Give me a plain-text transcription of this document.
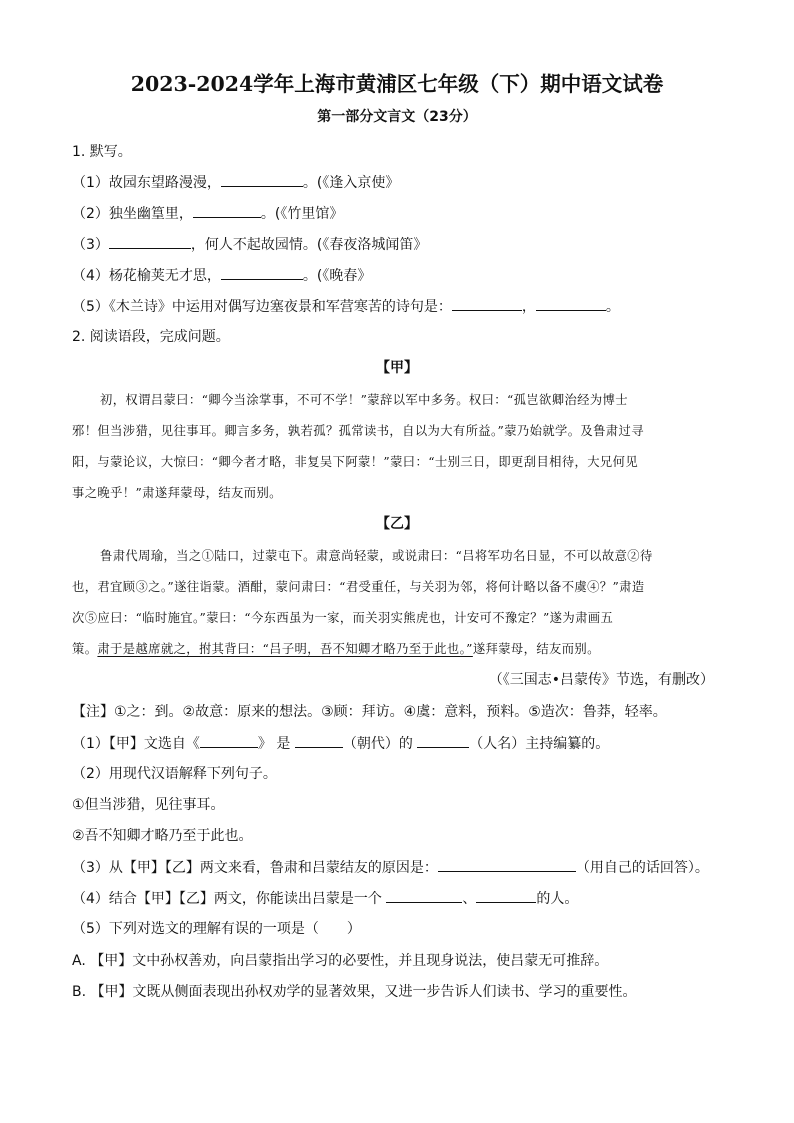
2023-2024学年上海市黄浦区七年级（下）期中语文试卷
第一部分文言文（23分）
1. 默写。
（1）故园东望路漫漫，	。(《逢入京使》
（2）独坐幽篁里，	。(《竹里馆》
（3）	，何人不起故园情。(《春夜洛城闻笛》
（4）杨花榆荚无才思，	。(《晚春》
（5）《木兰诗》中运用对偶写边塞夜景和军营寒苦的诗句是：	，	。
2. 阅读语段，完成问题。
【甲】
初，权谓吕蒙曰：“卿今当涂掌事，不可不学！”蒙辞以军中多务。权曰：“孤岂欲卿治经为博士
邪！但当涉猎，见往事耳。卿言多务，孰若孤？孤常读书，自以为大有所益。”蒙乃始就学。及鲁肃过寻
阳，与蒙论议，大惊曰：“卿今者才略，非复吴下阿蒙！”蒙曰：“士别三日，即更刮目相待，大兄何见
事之晚乎！”肃遂拜蒙母，结友而别。
【乙】
鲁肃代周瑜，当之①陆口，过蒙屯下。肃意尚轻蒙，或说肃曰：“吕将军功名日显，不可以故意②待
也，君宜顾③之。”遂往诣蒙。酒酣，蒙问肃曰：“君受重任，与关羽为邻，将何计略以备不虞④？”肃造
次⑤应曰：“临时施宜。”蒙曰：“今东西虽为一家，而关羽实熊虎也，计安可不豫定？”遂为肃画五
策。肃于是越席就之，拊其背曰：“吕子明，吾不知卿才略乃至于此也。”遂拜蒙母，结友而别。
（《三国志•吕蒙传》节选，有删改）
【注】①之：到。②故意：原来的想法。③顾：拜访。④虞：意料，预料。⑤造次：鲁莽，轻率。
（1）【甲】文选自《	》 是	（朝代）的	（人名）主持编纂的。
（2）用现代汉语解释下列句子。
①但当涉猎，见往事耳。
②吾不知卿才略乃至于此也。
（3）从【甲】【乙】两文来看，鲁肃和吕蒙结友的原因是：	（用自己的话回答）。
（4）结合【甲】【乙】两文，你能读出吕蒙是一个	、	的人。
（5）下列对选文的理解有误的一项是（　　）
A. 【甲】文中孙权善劝，向吕蒙指出学习的必要性，并且现身说法，使吕蒙无可推辞。
B. 【甲】文既从侧面表现出孙权劝学的显著效果，又进一步告诉人们读书、学习的重要性。
